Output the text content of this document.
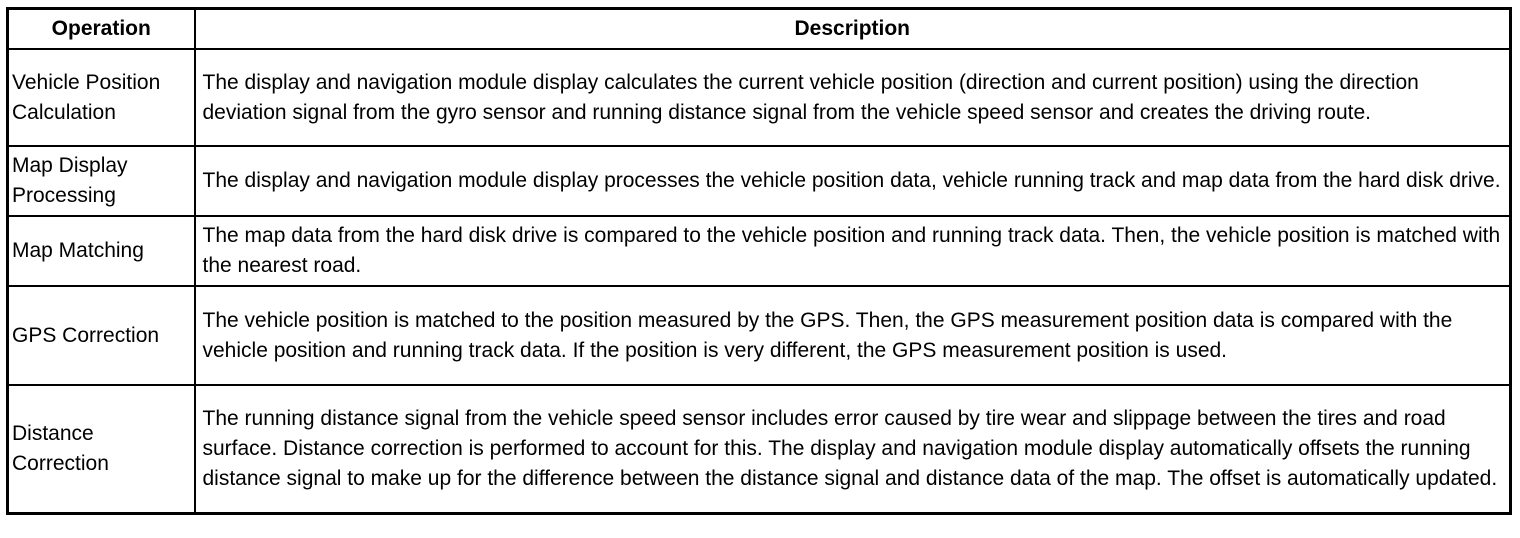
Operation	Description
Vehicle Position Calculation	The display and navigation module display calculates the current vehicle position (direction and current position) using the direction deviation signal from the gyro sensor and running distance signal from the vehicle speed sensor and creates the driving route.
Map Display Processing	The display and navigation module display processes the vehicle position data, vehicle running track and map data from the hard disk drive.
Map Matching	The map data from the hard disk drive is compared to the vehicle position and running track data. Then, the vehicle position is matched with the nearest road.
GPS Correction	The vehicle position is matched to the position measured by the GPS. Then, the GPS measurement position data is compared with the vehicle position and running track data. If the position is very different, the GPS measurement position is used.
Distance Correction	The running distance signal from the vehicle speed sensor includes error caused by tire wear and slippage between the tires and road surface. Distance correction is performed to account for this. The display and navigation module display automatically offsets the running distance signal to make up for the difference between the distance signal and distance data of the map. The offset is automatically updated.
